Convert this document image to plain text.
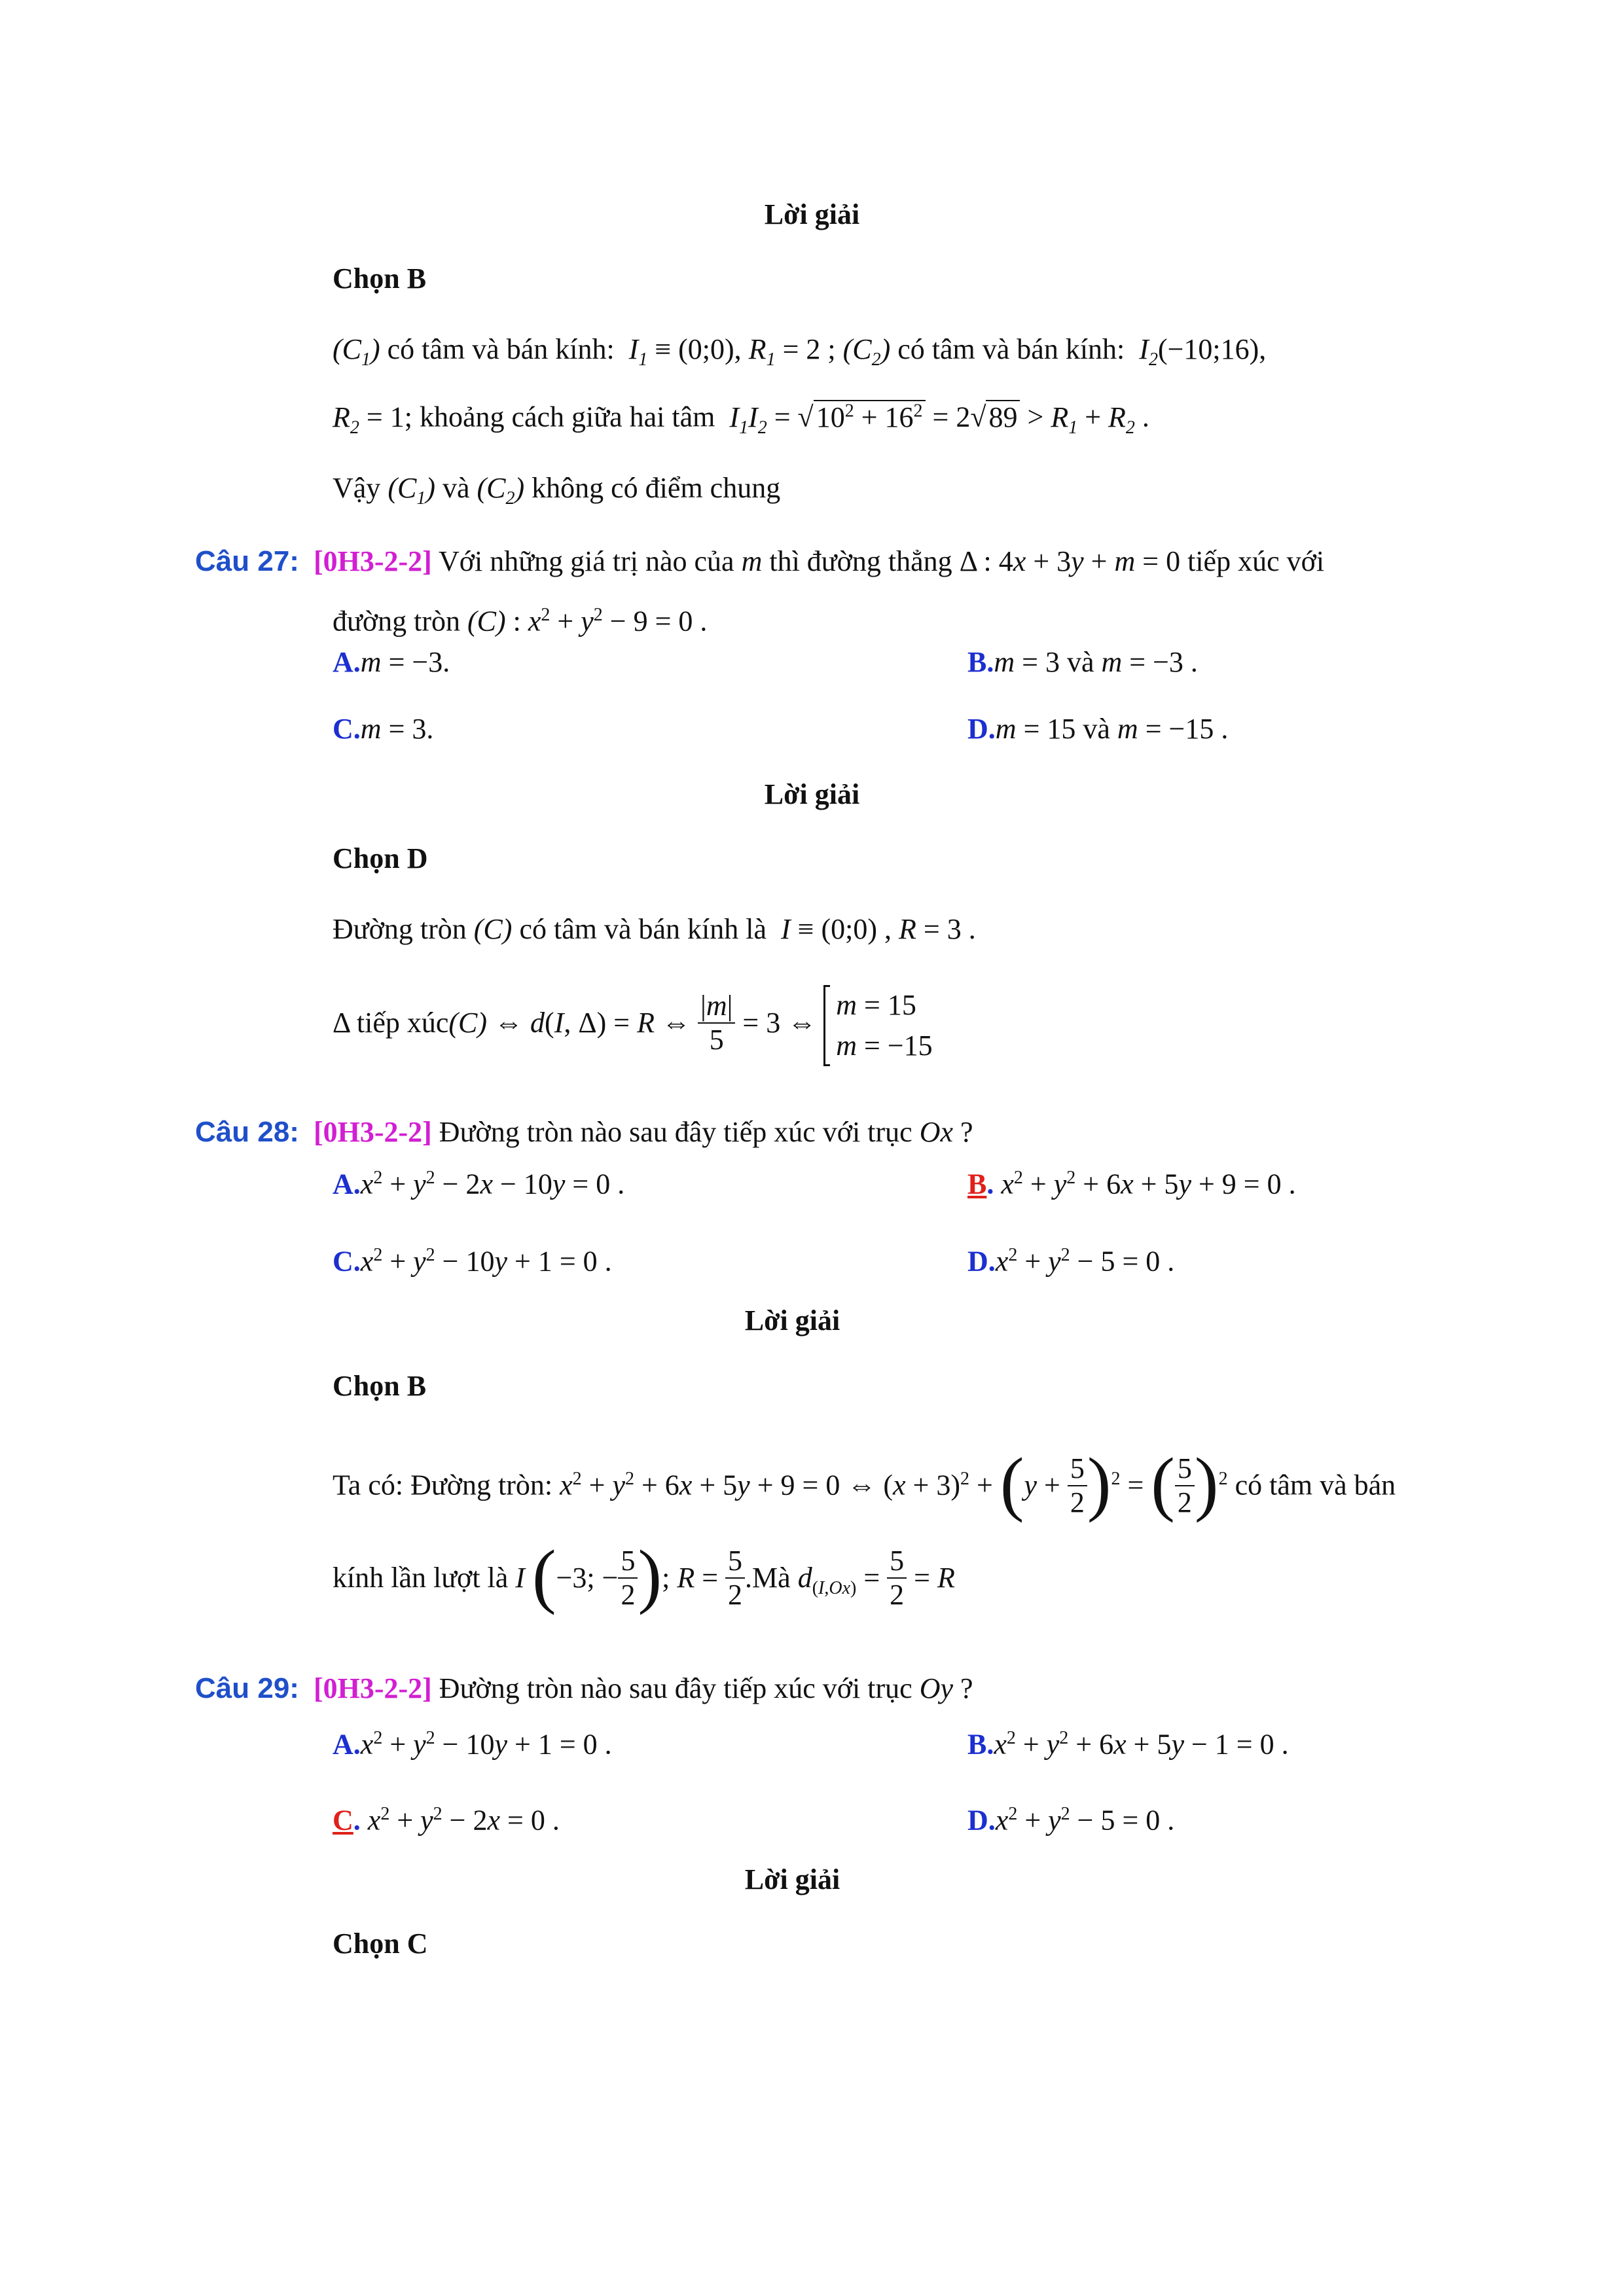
Lời giải
Chọn B
$(C_1)$ có tâm và bán kính:  $I_1$ ≡ (0;0), $R_1 = 2$ ; $(C_2)$ có tâm và bán kính:  $I_2(-10;16)$,
$R_2 = 1$; khoảng cách giữa hai tâm $I_1I_2 = √10^2 + 16^2 = 2√89 > R_1 + R_2$ .
Vậy $(C_1)$ và $(C_2)$ không có điểm chung
Câu 27: [0H3-2-2] Với những giá trị nào của m thì đường thẳng Δ : 4x + 3y + m = 0 tiếp xúc với
đường tròn (C) : $x^2 + y^2 - 9 = 0$ .
A.m = −3.	B.m = 3 và m = −3 .
C.m = 3.	D.m = 15 và m = −15 .
Lời giải
Chọn D
Đường tròn (C) có tâm và bán kính là  I ≡ (0;0) , R = 3 .
Δ tiếp xúc(C) ⇔ d(I, Δ) = R ⇔ $\frac{|m|}{5} = 3$ ⇔
m = 15
m = −15
Câu 28: [0H3-2-2] Đường tròn nào sau đây tiếp xúc với trục Ox ?
$A.x^2 + y^2 - 2x - 10y = 0$ .	B. $x^2 + y^2 + 6x + 5y + 9 = 0$ .
$C.x^2 + y^2 - 10y + 1 = 0$ .	$D.x^2 + y^2 - 5 = 0$ .
Lời giải
Chọn B
Ta có: Đường tròn: $x^2 + y^2 + 6x + 5y + 9 = 0$ ⇔ $(x + 3)^2 + (y + \frac{5}{2} )^2$ = ( $\frac{5}{2} )^2$ có tâm và bán
kính lần lượt là I (−3; − $\frac{5}{2}$ ); $R = \frac{5}{2}$ .Mà $d_{(I,Ox)} = \frac{5}{2} = R$
Câu 29: [0H3-2-2] Đường tròn nào sau đây tiếp xúc với trục Oy ?
$A.x^2 + y^2 - 10y + 1 = 0$ .	$B.x^2 + y^2 + 6x + 5y - 1 = 0$ .
C. $x^2 + y^2 - 2x = 0$ .	$D.x^2 + y^2 - 5 = 0$ .
Lời giải
Chọn C
